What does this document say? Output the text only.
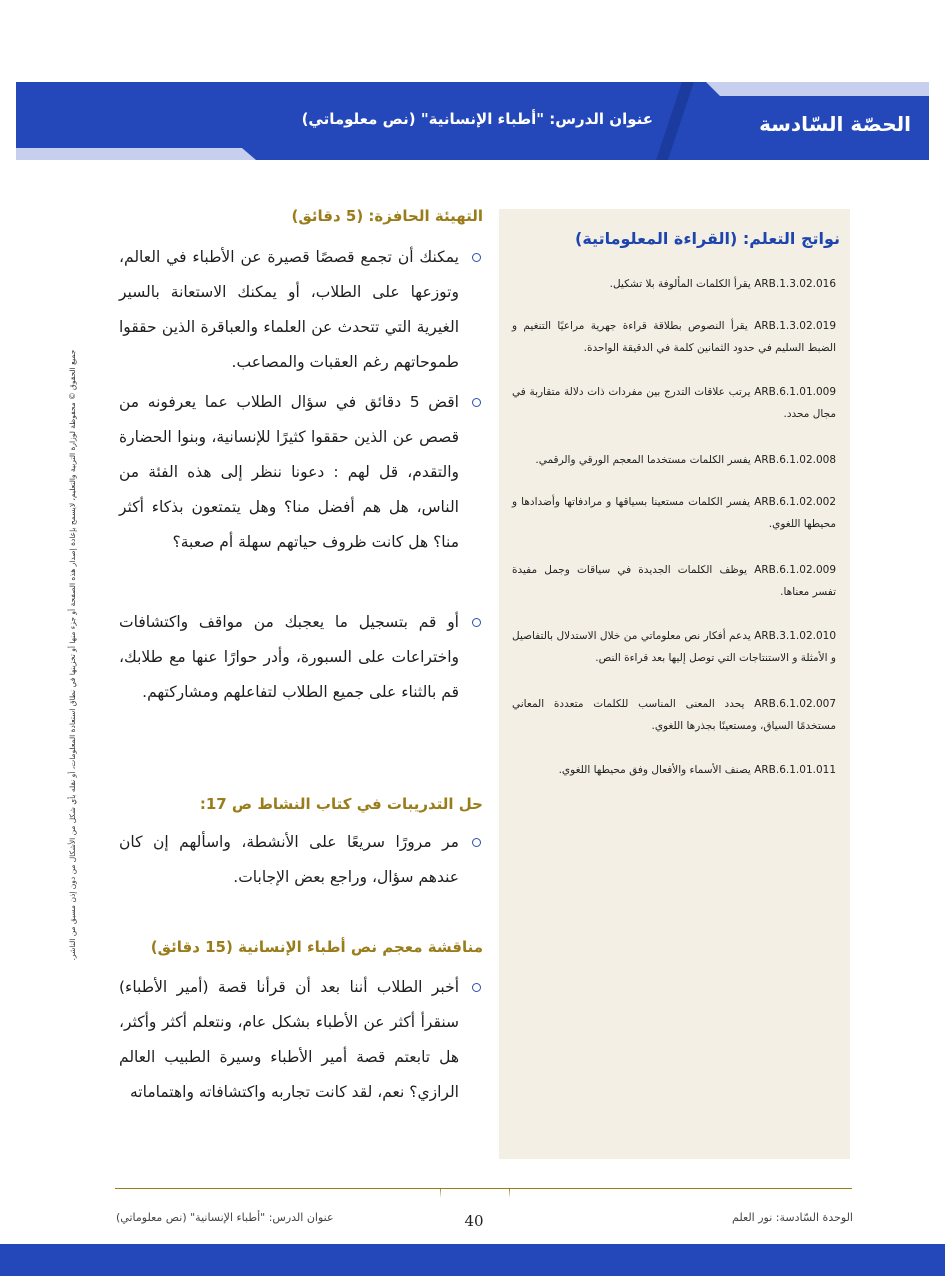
الحصّة السّادسة
عنوان الدرس: "أطباء الإنسانية" (نص معلوماتي)
جميع الحقوق © محفوظة لوزارة التربية والتعليم، لايسمح بإعادة إصدار هذه الصفحة أو جزء منها أو تخزينها في نطاق استعادة المعلومات، أو نقله بأي شكل من الأشكال من دون إذن مسبق من الناشر.
نواتج التعلم: (القراءة المعلوماتية)
ARB.1.3.02.016 يقرأ الكلمات المألوفة بلا تشكيل.
ARB.1.3.02.019 يقرأ النصوص بطلاقة قراءة جهرية مراعيًا التنغيم و الضبط السليم في حدود الثمانين كلمة في الدقيقة الواحدة.
ARB.6.1.01.009 يرتب علاقات التدرج بين مفردات ذات دلالة متقاربة في مجال محدد.
ARB.6.1.02.008 يفسر الكلمات مستخدما المعجم الورقي والرقمي.
ARB.6.1.02.002 يفسر الكلمات مستعينا بسياقها و مرادفاتها وأضدادها و محيطها اللغوي.
ARB.6.1.02.009 يوظف الكلمات الجديدة في سياقات وجمل مفيدة تفسر معناها.
ARB.3.1.02.010 يدعم أفكار نص معلوماتي من خلال الاستدلال بالتفاصيل و الأمثلة و الاستنتاجات التي توصل إليها بعد قراءة النص.
ARB.6.1.02.007 يحدد المعنى المناسب للكلمات متعددة المعاني مستخدمًا السياق، ومستعينًا بجذرها اللغوي.
ARB.6.1.01.011 يصنف الأسماء والأفعال وفق محيطها اللغوي.
التهيئة الحافزة: (5 دقائق)
يمكنك أن تجمع قصصًا قصيرة عن الأطباء في العالم، وتوزعها على الطلاب، أو يمكنك الاستعانة بالسير الغيرية التي تتحدث عن العلماء والعباقرة الذين حققوا طموحاتهم رغم العقبات والمصاعب.
اقض 5 دقائق في سؤال الطلاب عما يعرفونه من قصص عن الذين حققوا كثيرًا للإنسانية، وبنوا الحضارة والتقدم، قل لهم : دعونا ننظر إلى هذه الفئة من الناس، هل هم أفضل منا؟ وهل يتمتعون بذكاء أكثر منا؟ هل كانت ظروف حياتهم سهلة أم صعبة؟
أو قم بتسجيل ما يعجبك من مواقف واكتشافات واختراعات على السبورة، وأدر حوارًا عنها مع طلابك، قم بالثناء على جميع الطلاب لتفاعلهم ومشاركتهم.
حل التدريبات في كتاب النشاط ص 17:
مر مرورًا سريعًا على الأنشطة، واسألهم إن كان عندهم سؤال، وراجع بعض الإجابات.
مناقشة معجم نص أطباء الإنسانية (15 دقائق)
أخبر الطلاب أننا بعد أن قرأنا قصة (أمير الأطباء) سنقرأ أكثر عن الأطباء بشكل عام، ونتعلم أكثر وأكثر، هل تابعتم قصة أمير الأطباء وسيرة الطبيب العالم الرازي؟ نعم، لقد كانت تجاربه واكتشافاته واهتماماته
40	الوحدة السّادسة: نور العلم
عنوان الدرس: "أطباء الإنسانية" (نص معلوماتي)
